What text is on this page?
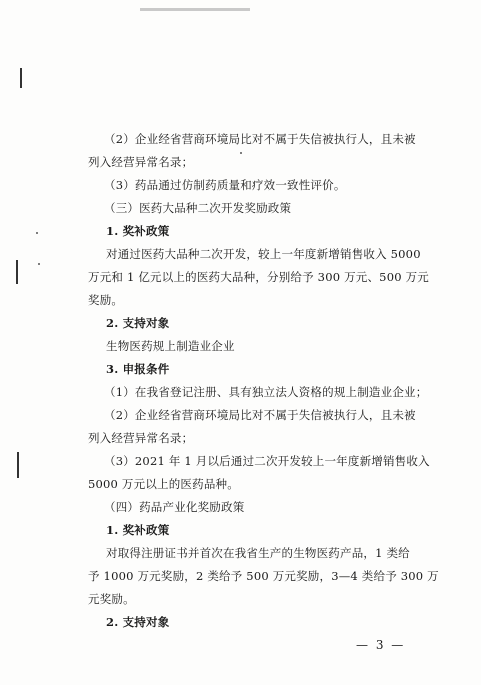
（2）企业经省营商环境局比对不属于失信被执行人，且未被
列入经营异常名录；
（3）药品通过仿制药质量和疗效一致性评价。
（三）医药大品种二次开发奖励政策
1. 奖补政策
对通过医药大品种二次开发，较上一年度新增销售收入 5000
万元和 1 亿元以上的医药大品种，分别给予 300 万元、500 万元
奖励。
2. 支持对象
生物医药规上制造业企业
3. 申报条件
（1）在我省登记注册、具有独立法人资格的规上制造业企业；
（2）企业经省营商环境局比对不属于失信被执行人，且未被
列入经营异常名录；
（3）2021 年 1 月以后通过二次开发较上一年度新增销售收入
5000 万元以上的医药品种。
（四）药品产业化奖励政策
1. 奖补政策
对取得注册证书并首次在我省生产的生物医药产品，1 类给
予 1000 万元奖励，2 类给予 500 万元奖励，3—4 类给予 300 万
元奖励。
2. 支持对象
— 3 —
